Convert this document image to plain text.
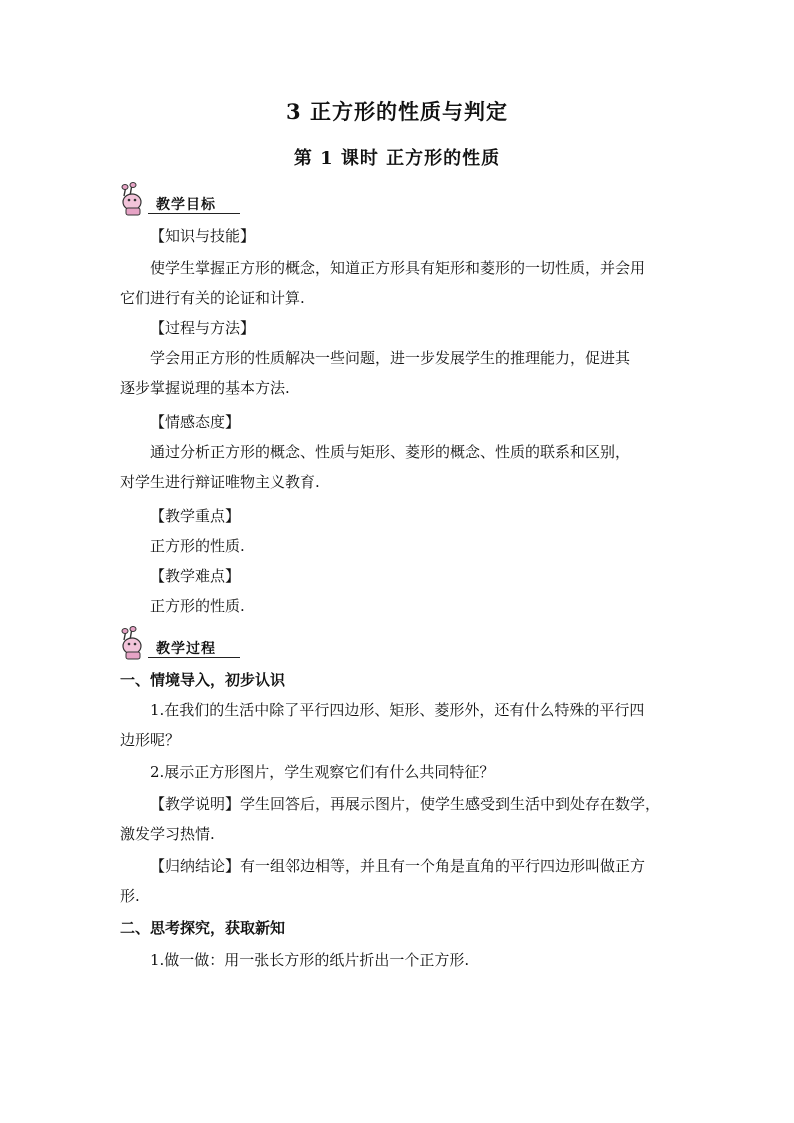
3 正方形的性质与判定
第 1 课时 正方形的性质
教学目标
【知识与技能】
使学生掌握正方形的概念，知道正方形具有矩形和菱形的一切性质，并会用
它们进行有关的论证和计算.
【过程与方法】
学会用正方形的性质解决一些问题，进一步发展学生的推理能力，促进其
逐步掌握说理的基本方法.
【情感态度】
通过分析正方形的概念、性质与矩形、菱形的概念、性质的联系和区别，
对学生进行辩证唯物主义教育.
【教学重点】
正方形的性质.
【教学难点】
正方形的性质.
教学过程
一、情境导入，初步认识
1.在我们的生活中除了平行四边形、矩形、菱形外，还有什么特殊的平行四
边形呢？
2.展示正方形图片，学生观察它们有什么共同特征？
【教学说明】学生回答后，再展示图片，使学生感受到生活中到处存在数学，
激发学习热情.
【归纳结论】有一组邻边相等，并且有一个角是直角的平行四边形叫做正方
形.
二、思考探究，获取新知
1.做一做：用一张长方形的纸片折出一个正方形.
